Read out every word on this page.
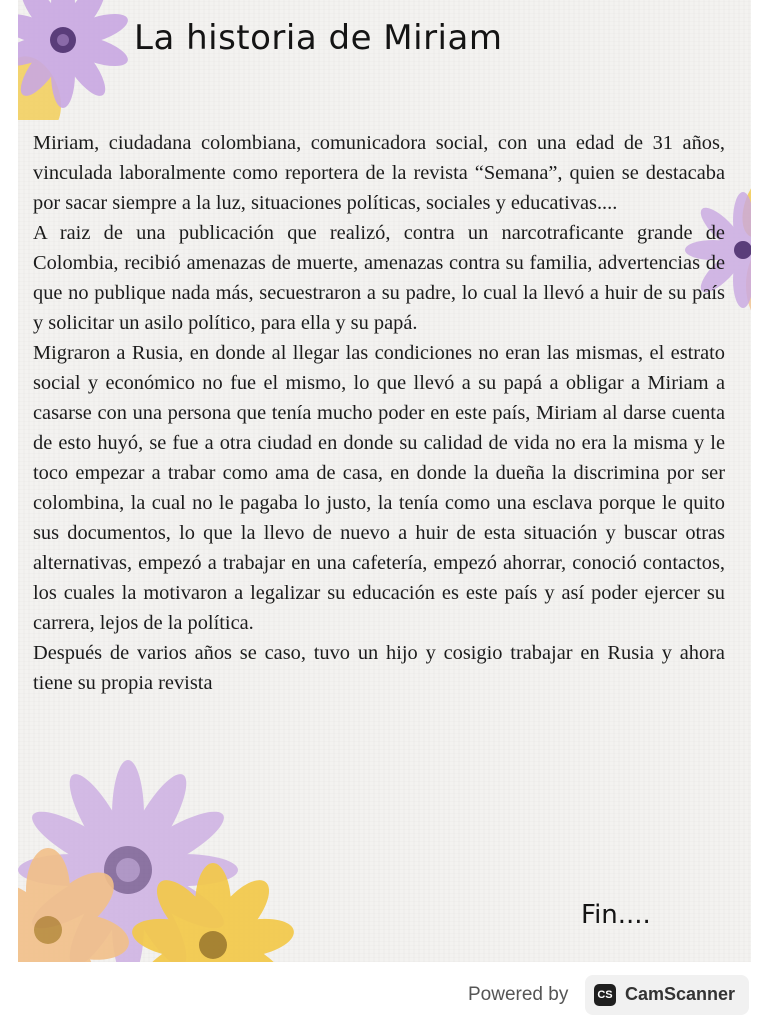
La historia de Miriam

Miriam, ciudadana colombiana, comunicadora social, con una edad de 31 años, vinculada laboralmente como reportera de la revista “Semana”, quien se destacaba por sacar siempre a la luz, situaciones políticas, sociales y educativas....

A raiz de una publicación que realizó, contra un narcotraficante grande de Colombia, recibió amenazas de muerte, amenazas contra su familia, advertencias de que no publique nada más, secuestraron a su padre, lo cual la llevó a huir de su país y solicitar un asilo político, para ella y su papá.

Migraron a Rusia, en donde al llegar las condiciones no eran las mismas, el estrato social y económico no fue el mismo, lo que llevó a su papá a obligar a Miriam a casarse con una persona que tenía mucho poder en este país, Miriam al darse cuenta de esto huyó, se fue a otra ciudad en donde su calidad de vida no era la misma y le toco empezar a trabar como ama de casa, en donde la dueña la discrimina por ser colombina, la cual no le pagaba lo justo, la tenía como una esclava porque le quito sus documentos, lo que la llevo de nuevo a huir de esta situación y buscar otras alternativas, empezó a trabajar en una cafetería, empezó ahorrar, conoció contactos, los cuales la motivaron a legalizar su educación es este país y así poder ejercer su carrera, lejos de la política.

Después de varios años se caso, tuvo un hijo y cosigio trabajar en Rusia y ahora tiene su propia revista

Fin....
Powered by	CS CamScanner
